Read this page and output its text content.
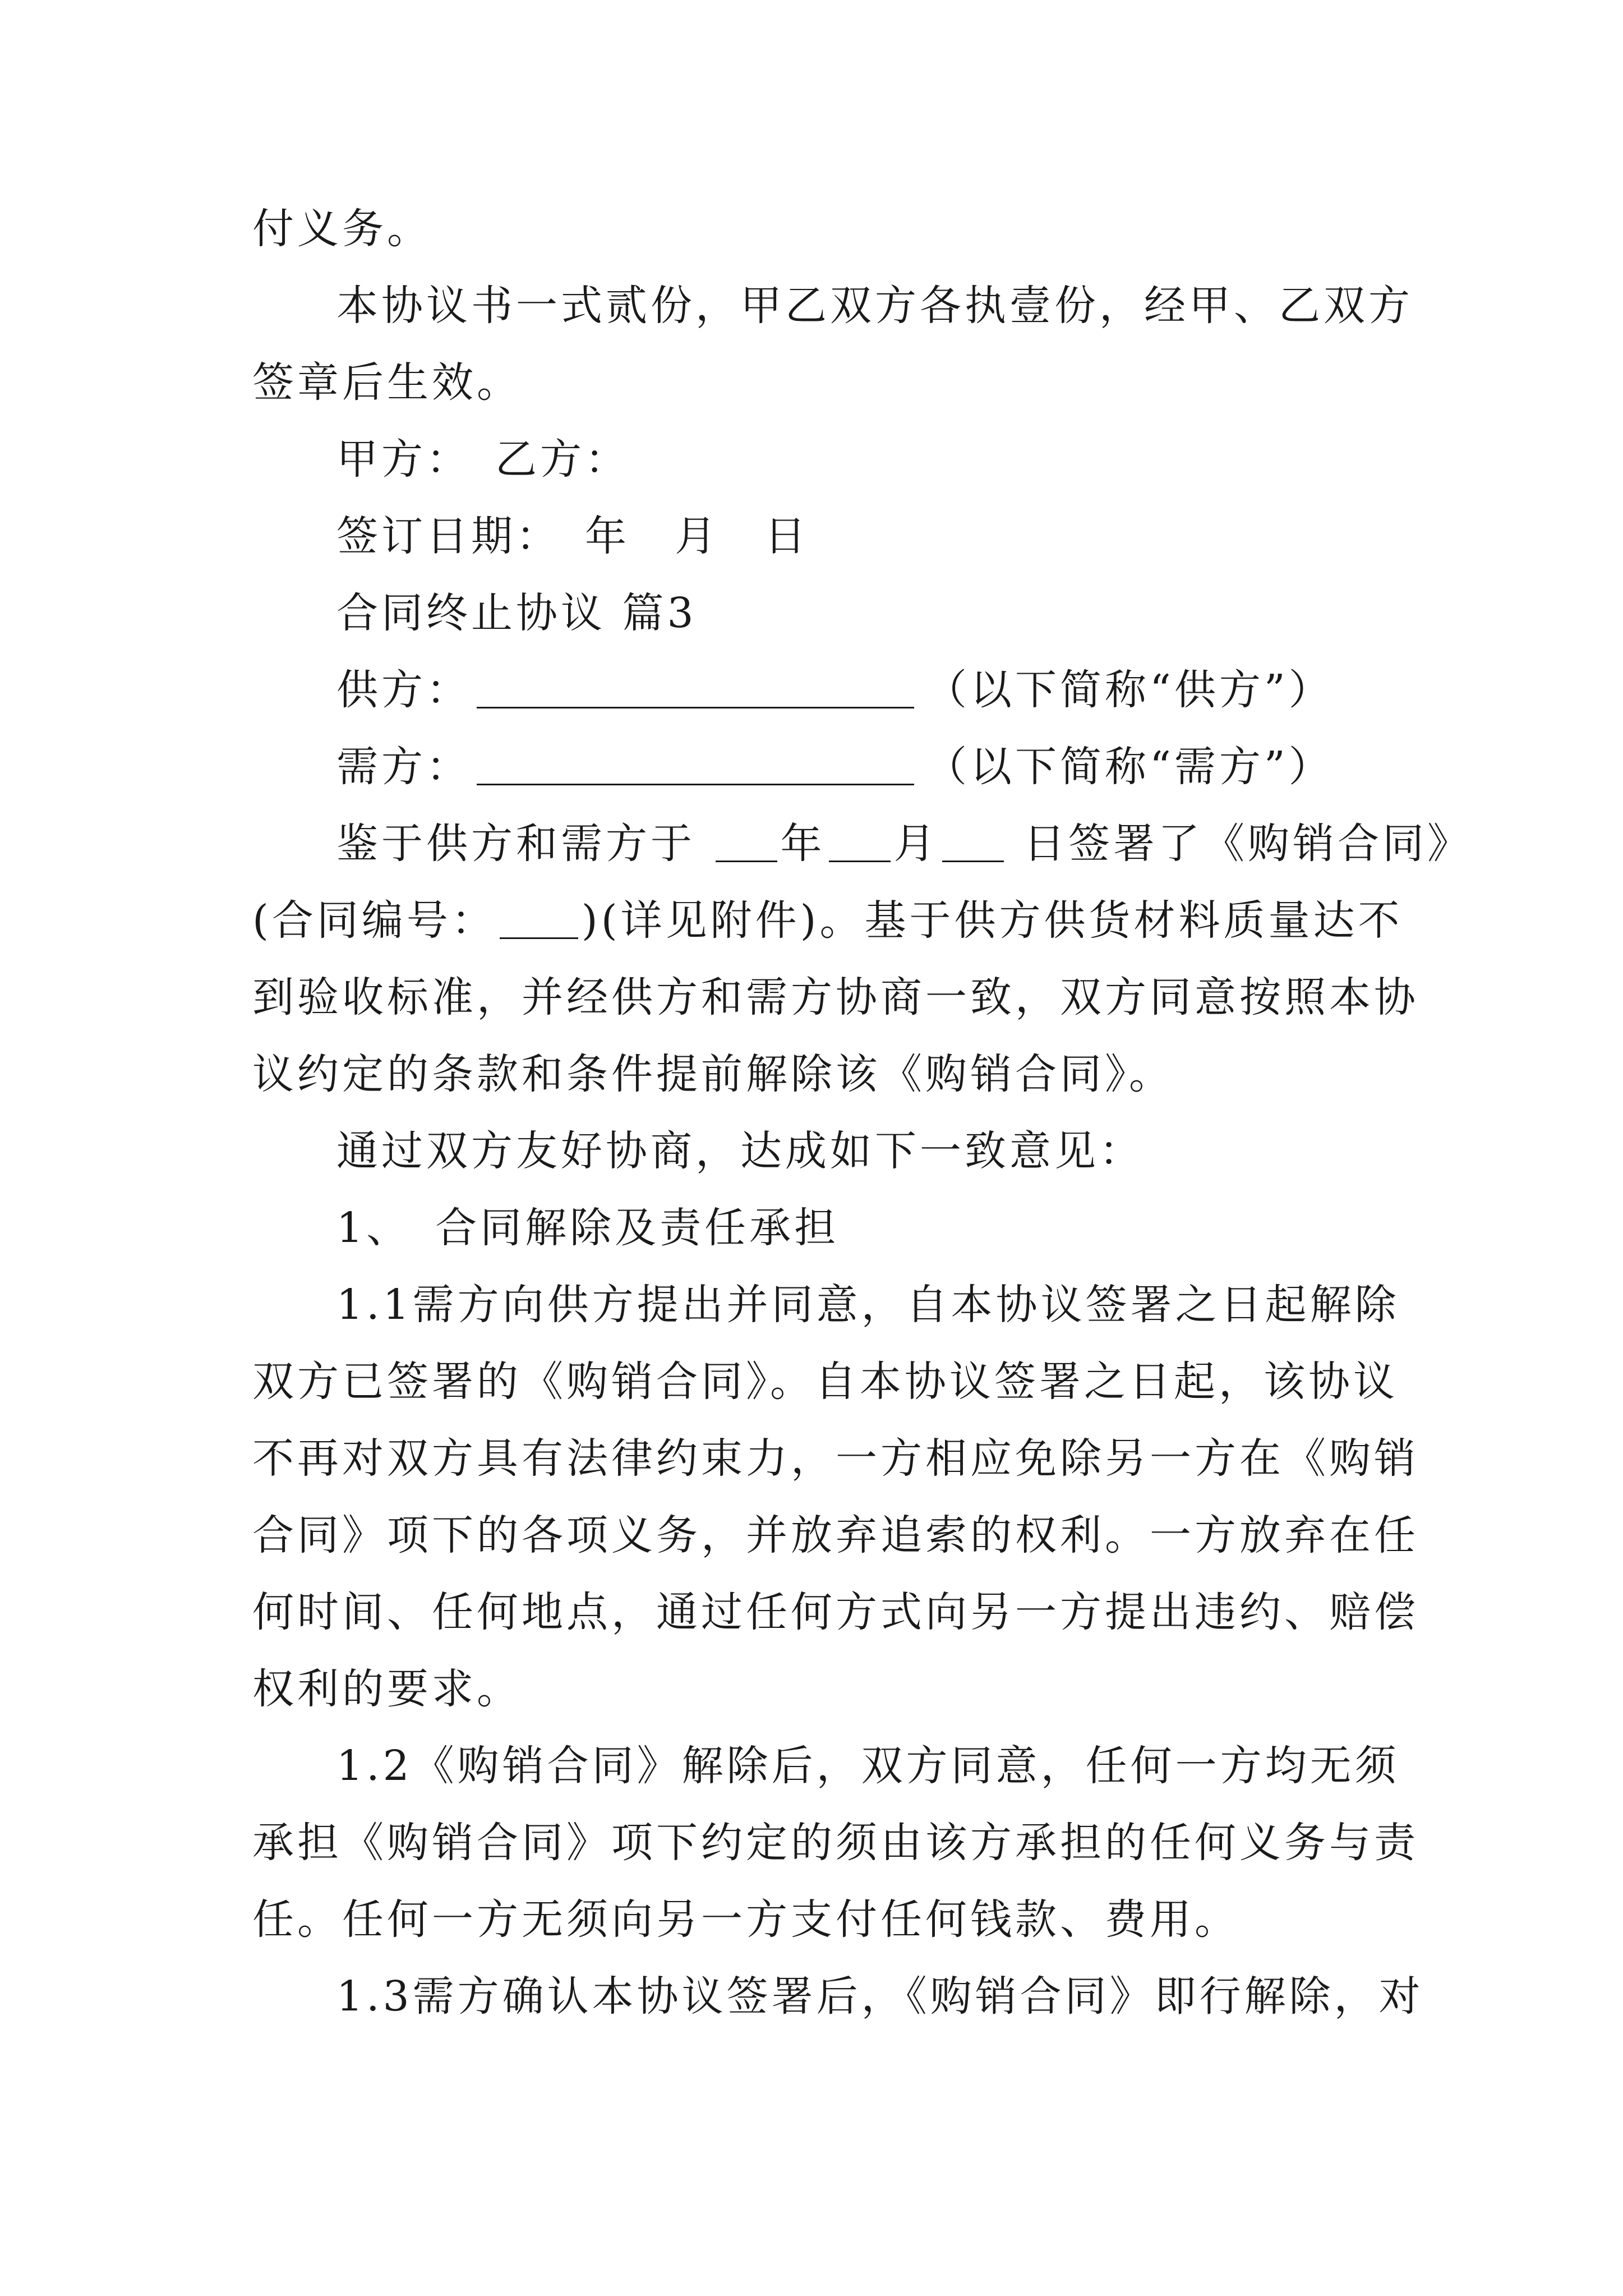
付义务。
本协议书一式贰份，甲乙双方各执壹份，经甲、乙双方
签章后生效。
甲方：　乙方：
签订日期：　年　月　日
合同终止协议 篇3
供方：	（以下简称“供方”）
需方：	（以下简称“需方”）
鉴于供方和需方于 年 月 日签署了《购销合同》
(合同编号： )(详见附件)。基于供方供货材料质量达不
到验收标准，并经供方和需方协商一致，双方同意按照本协
议约定的条款和条件提前解除该《购销合同》。
通过双方友好协商，达成如下一致意见：
1、　合同解除及责任承担
1.1需方向供方提出并同意，自本协议签署之日起解除
双方已签署的《购销合同》。自本协议签署之日起，该协议
不再对双方具有法律约束力，一方相应免除另一方在《购销
合同》项下的各项义务，并放弃追索的权利。一方放弃在任
何时间、任何地点，通过任何方式向另一方提出违约、赔偿
权利的要求。
1.2《购销合同》解除后，双方同意，任何一方均无须
承担《购销合同》项下约定的须由该方承担的任何义务与责
任。任何一方无须向另一方支付任何钱款、费用。
1.3需方确认本协议签署后，《购销合同》即行解除，对
